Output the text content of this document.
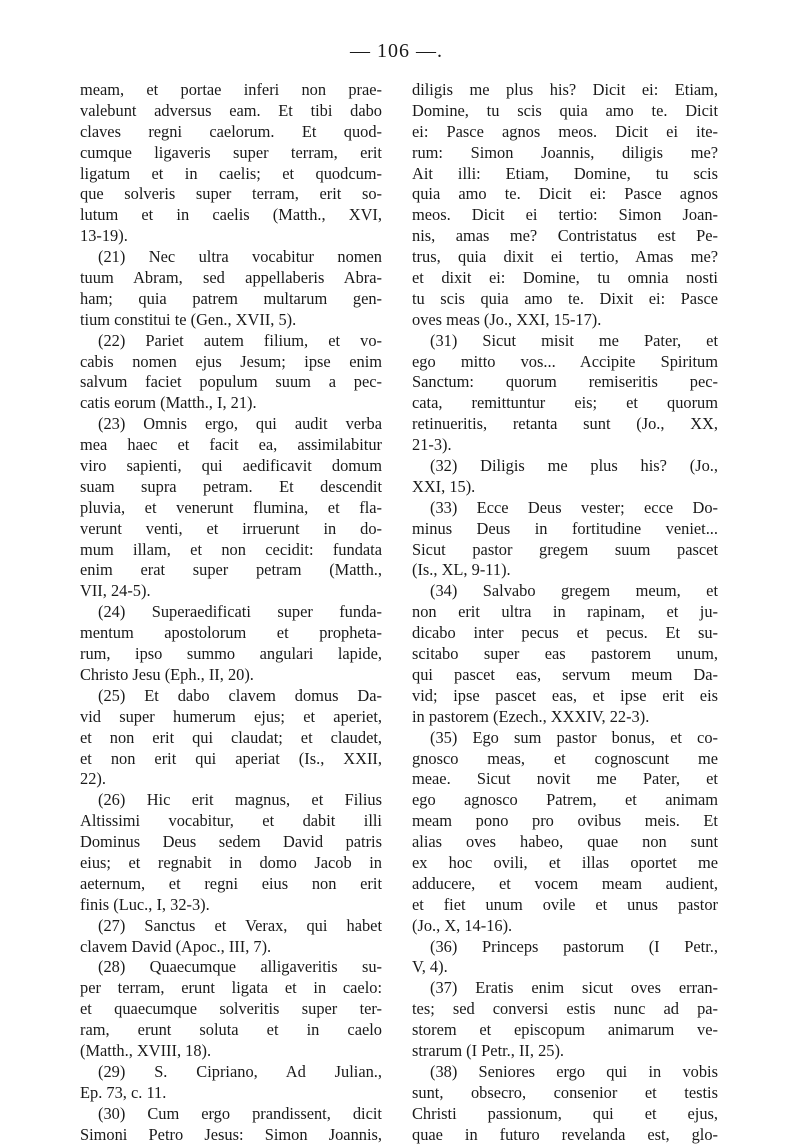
— 106 —.
meam, et portae inferi non prae-
valebunt adversus eam. Et tibi dabo
claves regni caelorum. Et quod-
cumque ligaveris super terram, erit
ligatum et in caelis; et quodcum-
que solveris super terram, erit so-
lutum et in caelis (Matth., XVI,
13-19).
(21) Nec ultra vocabitur nomen
tuum Abram, sed appellaberis Abra-
ham; quia patrem multarum gen-
tium constitui te (Gen., XVII, 5).
(22) Pariet autem filium, et vo-
cabis nomen ejus Jesum; ipse enim
salvum faciet populum suum a pec-
catis eorum (Matth., I, 21).
(23) Omnis ergo, qui audit verba
mea haec et facit ea, assimilabitur
viro sapienti, qui aedificavit domum
suam supra petram. Et descendit
pluvia, et venerunt flumina, et fla-
verunt venti, et irruerunt in do-
mum illam, et non cecidit: fundata
enim erat super petram (Matth.,
VII, 24-5).
(24) Superaedificati super funda-
mentum apostolorum et propheta-
rum, ipso summo angulari lapide,
Christo Jesu (Eph., II, 20).
(25) Et dabo clavem domus Da-
vid super humerum ejus; et aperiet,
et non erit qui claudat; et claudet,
et non erit qui aperiat (Is., XXII,
22).
(26) Hic erit magnus, et Filius
Altissimi vocabitur, et dabit illi
Dominus Deus sedem David patris
eius; et regnabit in domo Jacob in
aeternum, et regni eius non erit
finis (Luc., I, 32-3).
(27) Sanctus et Verax, qui habet
clavem David (Apoc., III, 7).
(28) Quaecumque alligaveritis su-
per terram, erunt ligata et in caelo:
et quaecumque solveritis super ter-
ram, erunt soluta et in caelo
(Matth., XVIII, 18).
(29) S. Cipriano, Ad Julian.,
Ep. 73, c. 11.
(30) Cum ergo prandissent, dicit
Simoni Petro Jesus: Simon Joannis,
diligis me plus his? Dicit ei: Etiam,
Domine, tu scis quia amo te. Dicit
ei: Pasce agnos meos. Dicit ei ite-
rum: Simon Joannis, diligis me?
Ait illi: Etiam, Domine, tu scis
quia amo te. Dicit ei: Pasce agnos
meos. Dicit ei tertio: Simon Joan-
nis, amas me? Contristatus est Pe-
trus, quia dixit ei tertio, Amas me?
et dixit ei: Domine, tu omnia nosti
tu scis quia amo te. Dixit ei: Pasce
oves meas (Jo., XXI, 15-17).
(31) Sicut misit me Pater, et
ego mitto vos... Accipite Spiritum
Sanctum: quorum remiseritis pec-
cata, remittuntur eis; et quorum
retinueritis, retanta sunt (Jo., XX,
21-3).
(32) Diligis me plus his? (Jo.,
XXI, 15).
(33) Ecce Deus vester; ecce Do-
minus Deus in fortitudine veniet...
Sicut pastor gregem suum pascet
(Is., XL, 9-11).
(34) Salvabo gregem meum, et
non erit ultra in rapinam, et ju-
dicabo inter pecus et pecus. Et su-
scitabo super eas pastorem unum,
qui pascet eas, servum meum Da-
vid; ipse pascet eas, et ipse erit eis
in pastorem (Ezech., XXXIV, 22-3).
(35) Ego sum pastor bonus, et co-
gnosco meas, et cognoscunt me
meae. Sicut novit me Pater, et
ego agnosco Patrem, et animam
meam pono pro ovibus meis. Et
alias oves habeo, quae non sunt
ex hoc ovili, et illas oportet me
adducere, et vocem meam audient,
et fiet unum ovile et unus pastor
(Jo., X, 14-16).
(36) Princeps pastorum (I Petr.,
V, 4).
(37) Eratis enim sicut oves erran-
tes; sed conversi estis nunc ad pa-
storem et episcopum animarum ve-
strarum (I Petr., II, 25).
(38) Seniores ergo qui in vobis
sunt, obsecro, consenior et testis
Christi passionum, qui et ejus,
quae in futuro revelanda est, glo-
